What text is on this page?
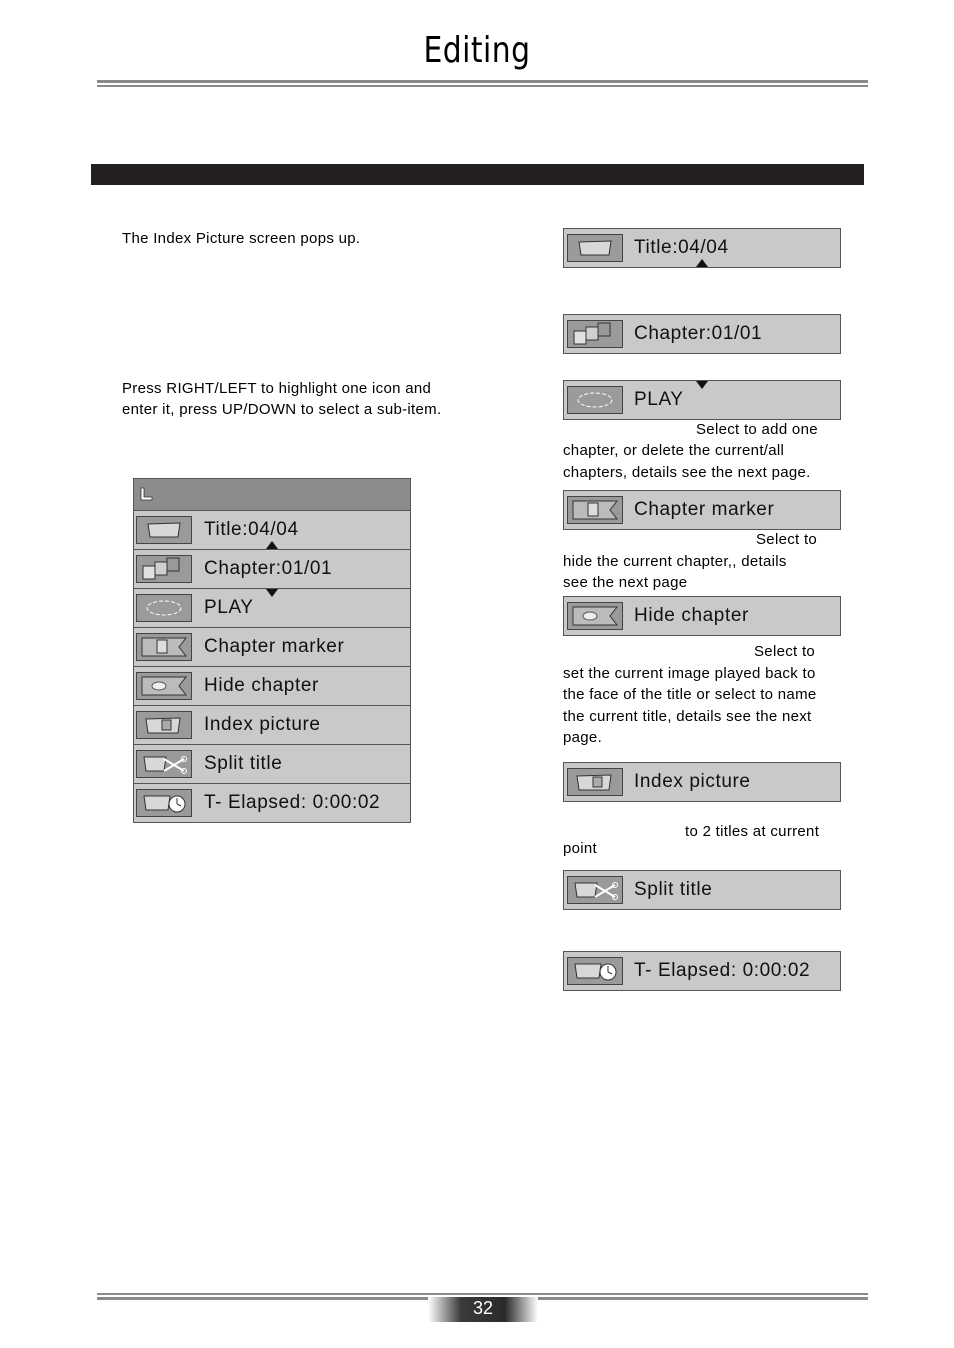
Editing
The Index Picture screen pops up.
Press RIGHT/LEFT to highlight one icon and
enter it, press UP/DOWN to select a sub-item.
Title:04/04
Chapter:01/01
PLAY
Chapter marker
Hide chapter
Index picture
Split title
T- Elapsed: 0:00:02
Title:04/04
Chapter:01/01
PLAY
Select to add one
chapter, or delete the current/all
chapters, details see the next page.
Chapter marker
Select to
hide the current chapter,, details
see the next page
Hide chapter
Select to
set the current image played back to
the face of the title or select to name
the current title, details see the next
page.
Index picture
to 2 titles at current
point
Split title
T- Elapsed: 0:00:02
32
